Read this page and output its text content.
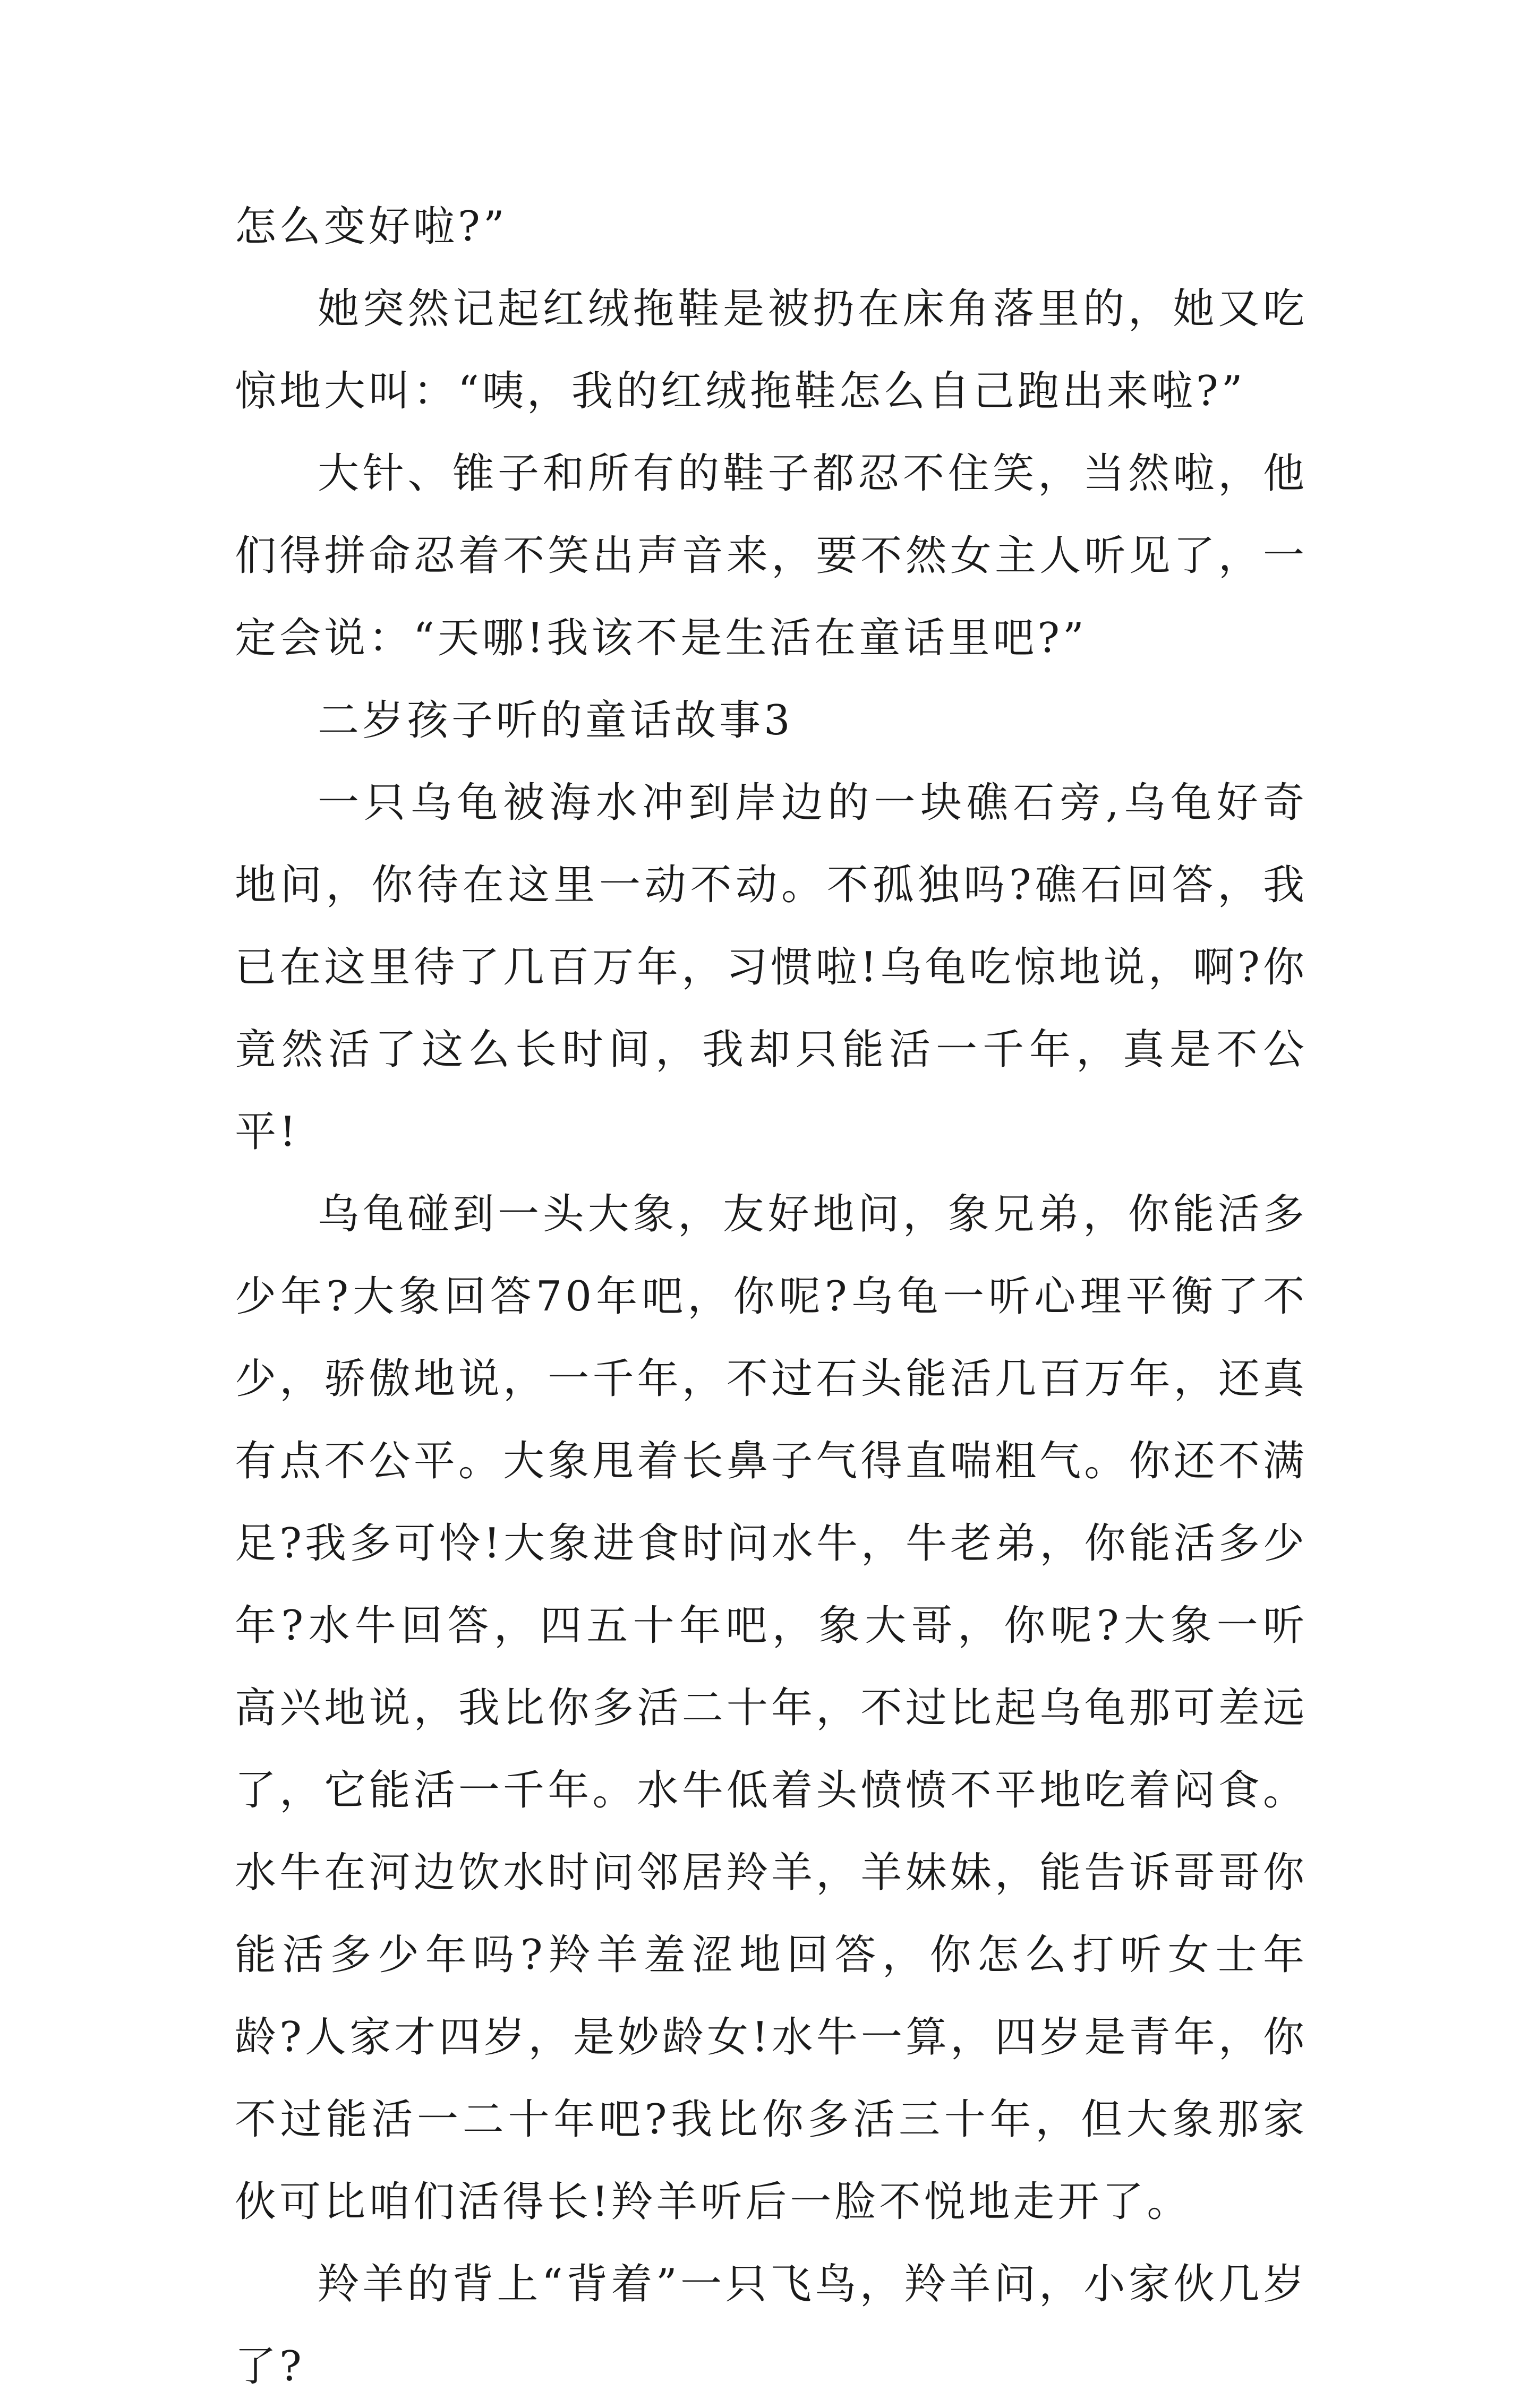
怎么变好啦?”

她突然记起红绒拖鞋是被扔在床角落里的，她又吃惊地大叫：“咦，我的红绒拖鞋怎么自己跑出来啦?”

大针、锥子和所有的鞋子都忍不住笑，当然啦，他们得拼命忍着不笑出声音来，要不然女主人听见了，一定会说：“天哪!我该不是生活在童话里吧?”

二岁孩子听的童话故事3

一只乌龟被海水冲到岸边的一块礁石旁,乌龟好奇地问，你待在这里一动不动。不孤独吗?礁石回答，我已在这里待了几百万年，习惯啦!乌龟吃惊地说，啊?你竟然活了这么长时间，我却只能活一千年，真是不公平!

乌龟碰到一头大象，友好地问，象兄弟，你能活多少年?大象回答70年吧，你呢?乌龟一听心理平衡了不少，骄傲地说，一千年，不过石头能活几百万年，还真有点不公平。大象甩着长鼻子气得直喘粗气。你还不满足?我多可怜!大象进食时问水牛，牛老弟，你能活多少年?水牛回答，四五十年吧，象大哥，你呢?大象一听高兴地说，我比你多活二十年，不过比起乌龟那可差远了，它能活一千年。水牛低着头愤愤不平地吃着闷食。水牛在河边饮水时问邻居羚羊，羊妹妹，能告诉哥哥你能活多少年吗?羚羊羞涩地回答，你怎么打听女士年龄?人家才四岁，是妙龄女!水牛一算，四岁是青年，你不过能活一二十年吧?我比你多活三十年，但大象那家伙可比咱们活得长!羚羊听后一脸不悦地走开了。

羚羊的背上“背着”一只飞鸟，羚羊问，小家伙几岁了?
